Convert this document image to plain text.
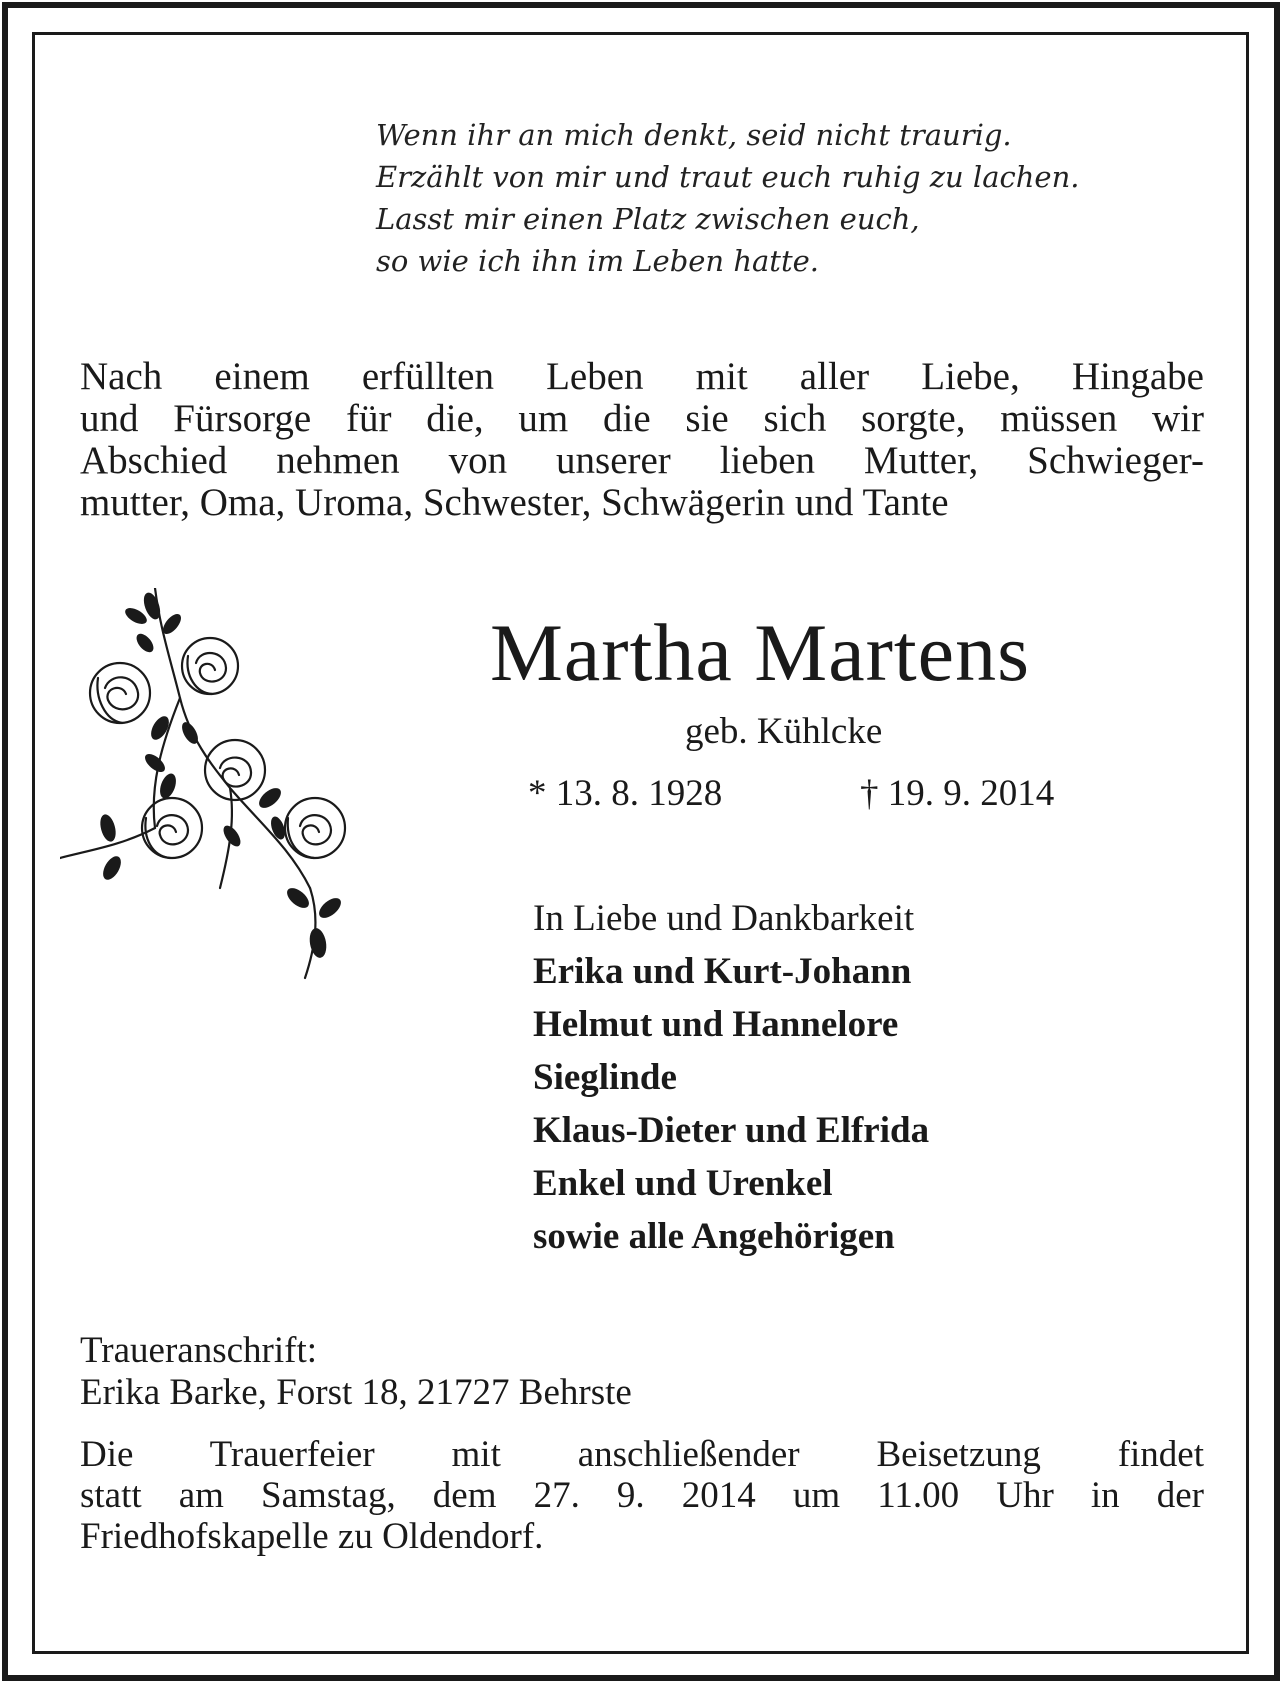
Wenn ihr an mich denkt, seid nicht traurig.
Erzählt von mir und traut euch ruhig zu lachen.
Lasst mir einen Platz zwischen euch,
so wie ich ihn im Leben hatte.
Nach einem erfüllten Leben mit aller Liebe, Hingabe
und Fürsorge für die, um die sie sich sorgte, müssen wir
Abschied nehmen von unserer lieben Mutter, Schwieger-
mutter, Oma, Uroma, Schwester, Schwägerin und Tante
Martha Martens
geb. Kühlcke
* 13. 8. 1928	† 19. 9. 2014
In Liebe und Dankbarkeit
Erika und Kurt-Johann
Helmut und Hannelore
Sieglinde
Klaus-Dieter und Elfrida
Enkel und Urenkel
sowie alle Angehörigen
Traueranschrift:
Erika Barke, Forst 18, 21727 Behrste
Die Trauerfeier mit anschließender Beisetzung findet
statt am Samstag, dem 27. 9. 2014 um 11.00 Uhr in der
Friedhofskapelle zu Oldendorf.
